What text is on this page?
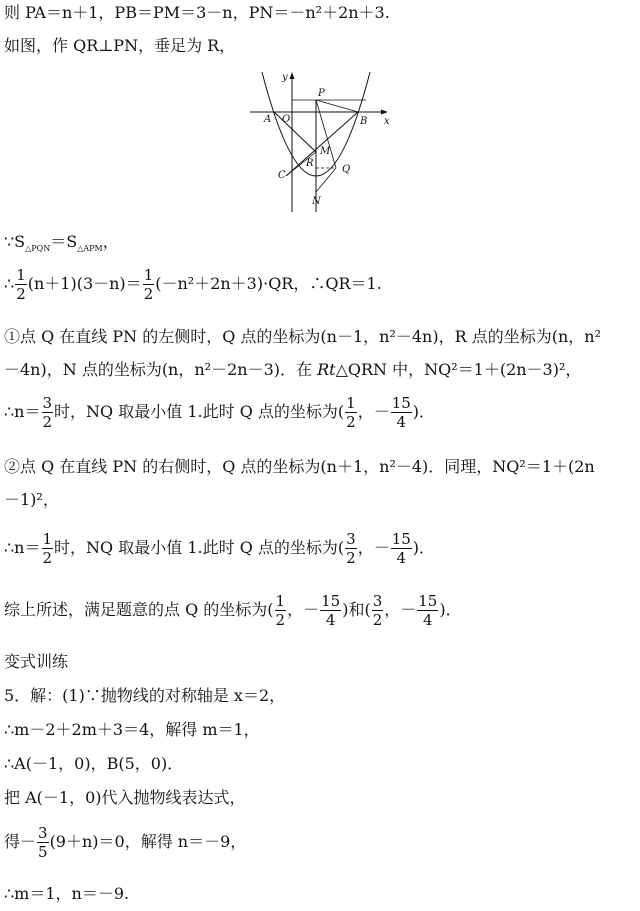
则 PA＝n＋1，PB＝PM＝3－n，PN＝－n²＋2n＋3.
如图，作 QR⊥PN，垂足为 R，
y
x
O
A	B
P
M
R
Q
C
N
$\because S_{\triangle PQN}=S_{\triangle APM}$，
∴ $\frac{1}{2} (n+1)(3-n)= \frac{1}{2} (-n^2+2n+3)\cdot QR$，∴QR＝1.
①点 Q 在直线 PN 的左侧时，Q 点的坐标为(n－1，n²－4n)，R 点的坐标为(n，n²
－4n)，N 点的坐标为(n，n²－2n－3)．在 Rt△QRN 中，NQ²＝1＋(2n－3)²，
∴n＝ $\frac{3}{2}$ 时，NQ 取最小值 1.此时 Q 点的坐标为( $\frac{1}{2}$ ，－ $\frac{15}{4}$ )．
②点 Q 在直线 PN 的右侧时，Q 点的坐标为(n＋1，n²－4)．同理，NQ²＝1＋(2n
－1)²，
∴n＝ $\frac{1}{2}$ 时，NQ 取最小值 1.此时 Q 点的坐标为( $\frac{3}{2}$ ，－ $\frac{15}{4}$ )．
综上所述，满足题意的点 Q 的坐标为( $\frac{1}{2}$ ，－ $\frac{15}{4}$ )和( $\frac{3}{2}$ ，－ $\frac{15}{4}$ )．
变式训练
5．解：(1)∵抛物线的对称轴是 x＝2，
∴m－2＋2m＋3＝4，解得 m＝1，
∴A(－1，0)，B(5，0)．
把 A(－1，0)代入抛物线表达式，
得－ $\frac{3}{5} (9+n)=0$，解得 n＝－9，
∴m＝1，n＝－9.
